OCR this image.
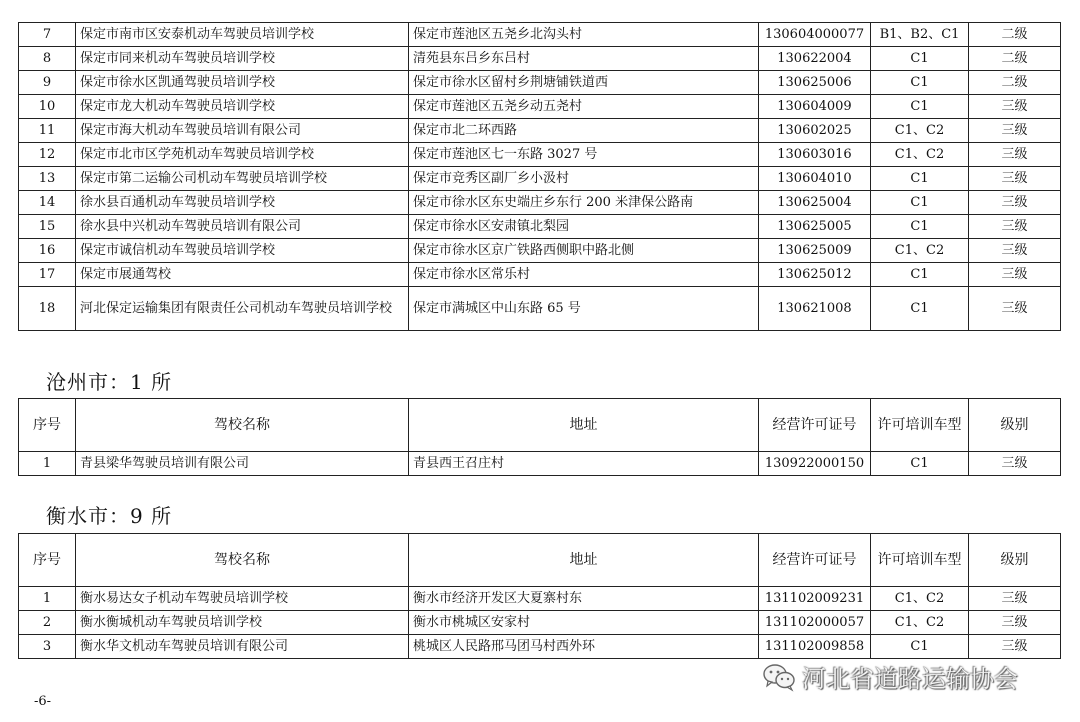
7	保定市南市区安泰机动车驾驶员培训学校	保定市莲池区五尧乡北沟头村	130604000077	B1、B2、C1	二级
8	保定市同来机动车驾驶员培训学校	清苑县东吕乡东吕村	130622004	C1	二级
9	保定市徐水区凯通驾驶员培训学校	保定市徐水区留村乡荆塘铺铁道西	130625006	C1	二级
10	保定市龙大机动车驾驶员培训学校	保定市莲池区五尧乡动五尧村	130604009	C1	三级
11	保定市海大机动车驾驶员培训有限公司	保定市北二环西路	130602025	C1、C2	三级
12	保定市北市区学苑机动车驾驶员培训学校	保定市莲池区七一东路 3027 号	130603016	C1、C2	三级
13	保定市第二运输公司机动车驾驶员培训学校	保定市竞秀区副厂乡小汲村	130604010	C1	三级
14	徐水县百通机动车驾驶员培训学校	保定市徐水区东史端庄乡东行 200 米津保公路南	130625004	C1	三级
15	徐水县中兴机动车驾驶员培训有限公司	保定市徐水区安肃镇北梨园	130625005	C1	三级
16	保定市诚信机动车驾驶员培训学校	保定市徐水区京广铁路西侧职中路北侧	130625009	C1、C2	三级
17	保定市展通驾校	保定市徐水区常乐村	130625012	C1	三级
18	河北保定运输集团有限责任公司机动车驾驶员培训学校	保定市满城区中山东路 65 号	130621008	C1	三级
沧州市：1 所
序号	驾校名称	地址	经营许可证号	许可培训车型	级别
1	青县梁华驾驶员培训有限公司	青县西王召庄村	130922000150	C1	三级
衡水市：9 所
序号	驾校名称	地址	经营许可证号	许可培训车型	级别
1	衡水易达女子机动车驾驶员培训学校	衡水市经济开发区大夏寨村东	131102009231	C1、C2	三级
2	衡水衡城机动车驾驶员培训学校	衡水市桃城区安家村	131102000057	C1、C2	三级
3	衡水华文机动车驾驶员培训有限公司	桃城区人民路邢马团马村西外环	131102009858	C1	三级
-6-
河北省道路运输协会
